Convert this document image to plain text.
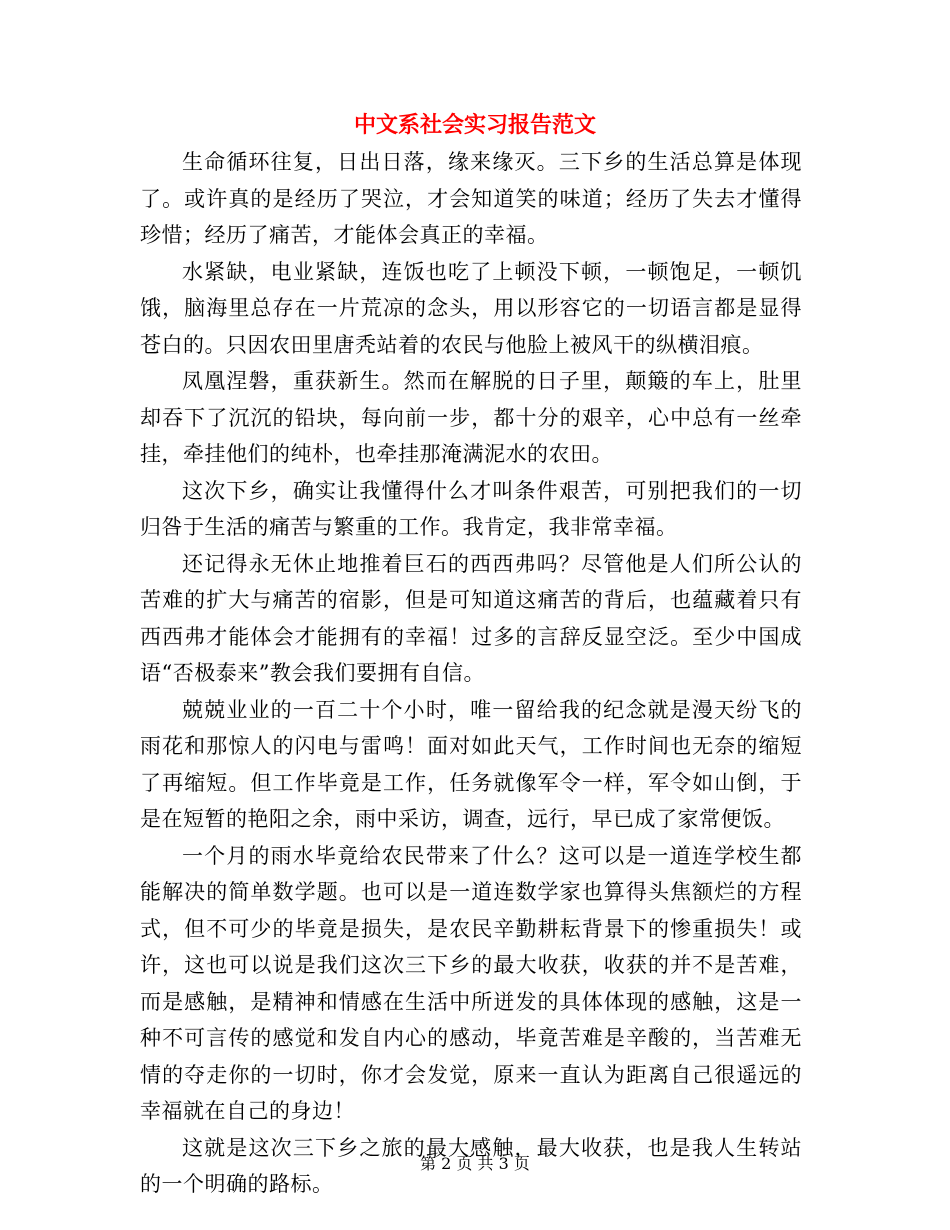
中文系社会实习报告范文

生命循环往复，日出日落，缘来缘灭。三下乡的生活总算是体现了。或许真的是经历了哭泣，才会知道笑的味道；经历了失去才懂得珍惜；经历了痛苦，才能体会真正的幸福。

水紧缺，电业紧缺，连饭也吃了上顿没下顿，一顿饱足，一顿饥饿，脑海里总存在一片荒凉的念头，用以形容它的一切语言都是显得苍白的。只因农田里唐秃站着的农民与他脸上被风干的纵横泪痕。

凤凰涅磐，重获新生。然而在解脱的日子里，颠簸的车上，肚里却吞下了沉沉的铅块，每向前一步，都十分的艰辛，心中总有一丝牵挂，牵挂他们的纯朴，也牵挂那淹满泥水的农田。

这次下乡，确实让我懂得什么才叫条件艰苦，可别把我们的一切归咎于生活的痛苦与繁重的工作。我肯定，我非常幸福。

还记得永无休止地推着巨石的西西弗吗？尽管他是人们所公认的苦难的扩大与痛苦的宿影，但是可知道这痛苦的背后，也蕴藏着只有西西弗才能体会才能拥有的幸福！过多的言辞反显空泛。至少中国成语“否极泰来”教会我们要拥有自信。

兢兢业业的一百二十个小时，唯一留给我的纪念就是漫天纷飞的雨花和那惊人的闪电与雷鸣！面对如此天气，工作时间也无奈的缩短了再缩短。但工作毕竟是工作，任务就像军令一样，军令如山倒，于是在短暂的艳阳之余，雨中采访，调查，远行，早已成了家常便饭。

一个月的雨水毕竟给农民带来了什么？这可以是一道连学校生都能解决的简单数学题。也可以是一道连数学家也算得头焦额烂的方程式，但不可少的毕竟是损失，是农民辛勤耕耘背景下的惨重损失！或许，这也可以说是我们这次三下乡的最大收获，收获的并不是苦难，而是感触，是精神和情感在生活中所迸发的具体体现的感触，这是一种不可言传的感觉和发自内心的感动，毕竟苦难是辛酸的，当苦难无情的夺走你的一切时，你才会发觉，原来一直认为距离自己很遥远的幸福就在自己的身边！

这就是这次三下乡之旅的最大感触，最大收获，也是我人生转站的一个明确的路标。

第 2 页 共 3 页
